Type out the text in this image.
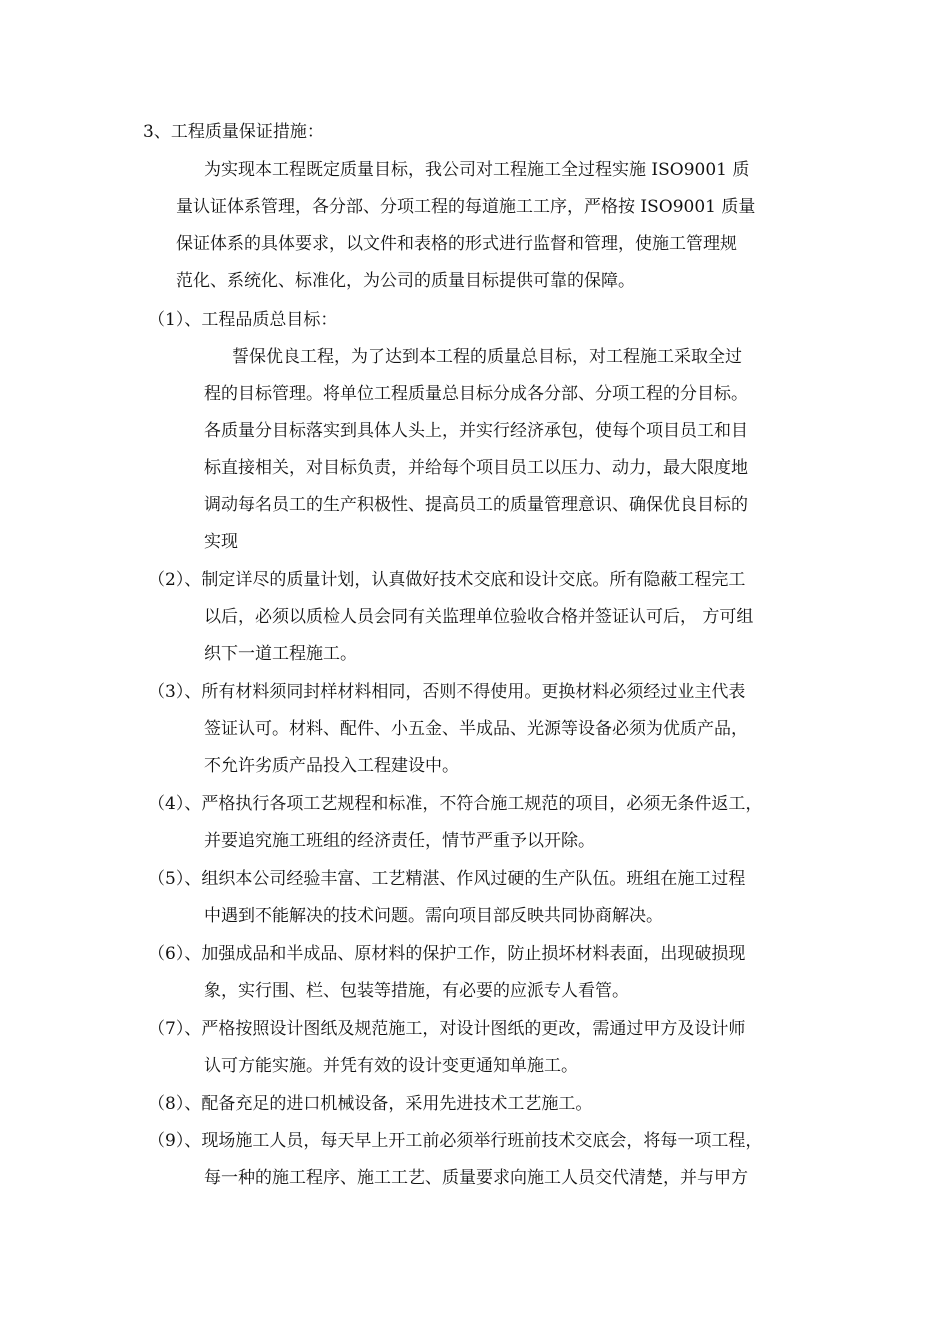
3、工程质量保证措施：
为实现本工程既定质量目标，我公司对工程施工全过程实施 ISO9001 质
量认证体系管理，各分部、分项工程的每道施工工序，严格按 ISO9001 质量
保证体系的具体要求，以文件和表格的形式进行监督和管理，使施工管理规
范化、系统化、标准化，为公司的质量目标提供可靠的保障。
（1）、工程品质总目标：
誓保优良工程，为了达到本工程的质量总目标，对工程施工采取全过
程的目标管理。将单位工程质量总目标分成各分部、分项工程的分目标。
各质量分目标落实到具体人头上，并实行经济承包，使每个项目员工和目
标直接相关，对目标负责，并给每个项目员工以压力、动力，最大限度地
调动每名员工的生产积极性、提高员工的质量管理意识、确保优良目标的
实现
（2）、制定详尽的质量计划，认真做好技术交底和设计交底。所有隐蔽工程完工
以后，必须以质检人员会同有关监理单位验收合格并签证认可后， 方可组
织下一道工程施工。
（3）、所有材料须同封样材料相同，否则不得使用。更换材料必须经过业主代表
签证认可。材料、配件、小五金、半成品、光源等设备必须为优质产品，
不允许劣质产品投入工程建设中。
（4）、严格执行各项工艺规程和标准，不符合施工规范的项目，必须无条件返工，
并要追究施工班组的经济责任，情节严重予以开除。
（5）、组织本公司经验丰富、工艺精湛、作风过硬的生产队伍。班组在施工过程
中遇到不能解决的技术问题。需向项目部反映共同协商解决。
（6）、加强成品和半成品、原材料的保护工作，防止损坏材料表面，出现破损现
象，实行围、栏、包装等措施，有必要的应派专人看管。
（7）、严格按照设计图纸及规范施工，对设计图纸的更改，需通过甲方及设计师
认可方能实施。并凭有效的设计变更通知单施工。
（8）、配备充足的进口机械设备，采用先进技术工艺施工。
（9）、现场施工人员，每天早上开工前必须举行班前技术交底会，将每一项工程，
每一种的施工程序、施工工艺、质量要求向施工人员交代清楚，并与甲方
